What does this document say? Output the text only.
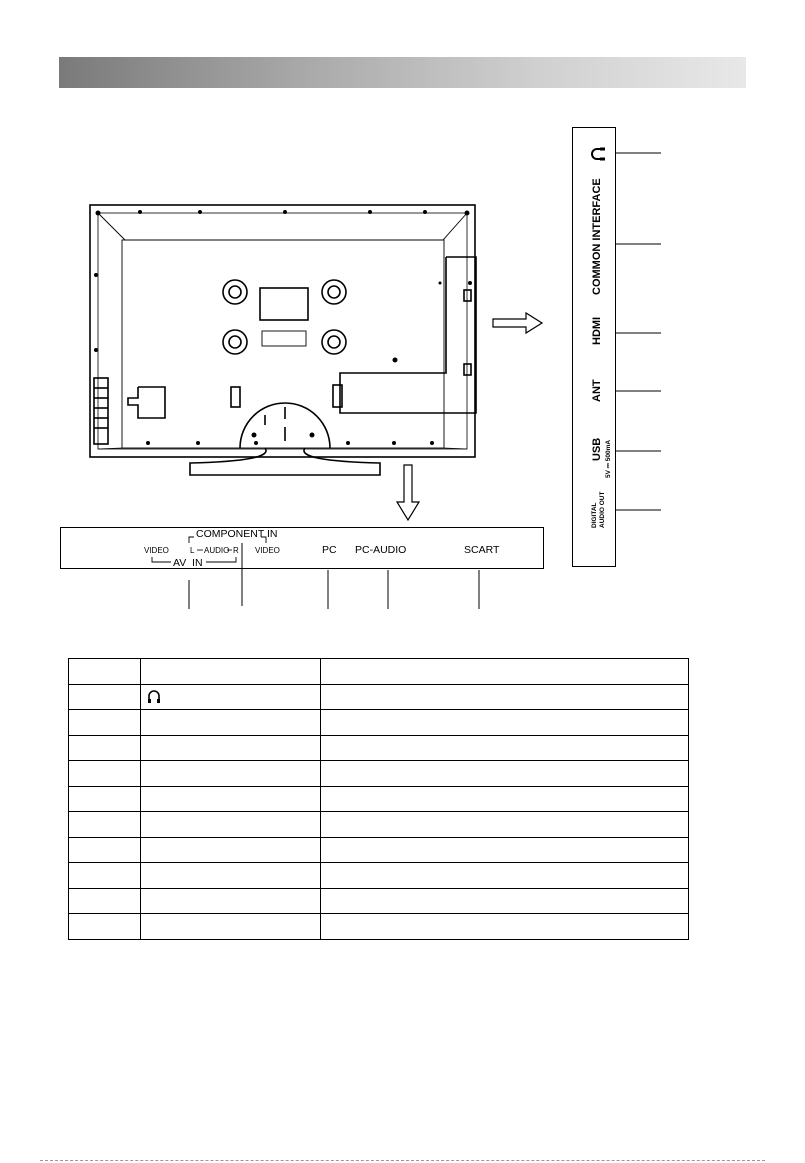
COMPONENT IN
VIDEO	L AUDIO R VIDEO
AV  IN
PC PC-AUDIO	SCART
COMMON INTERFACE
HDMI
ANT
USB 5V ⎓ 500mA
DIGITAL AUDIO OUT
